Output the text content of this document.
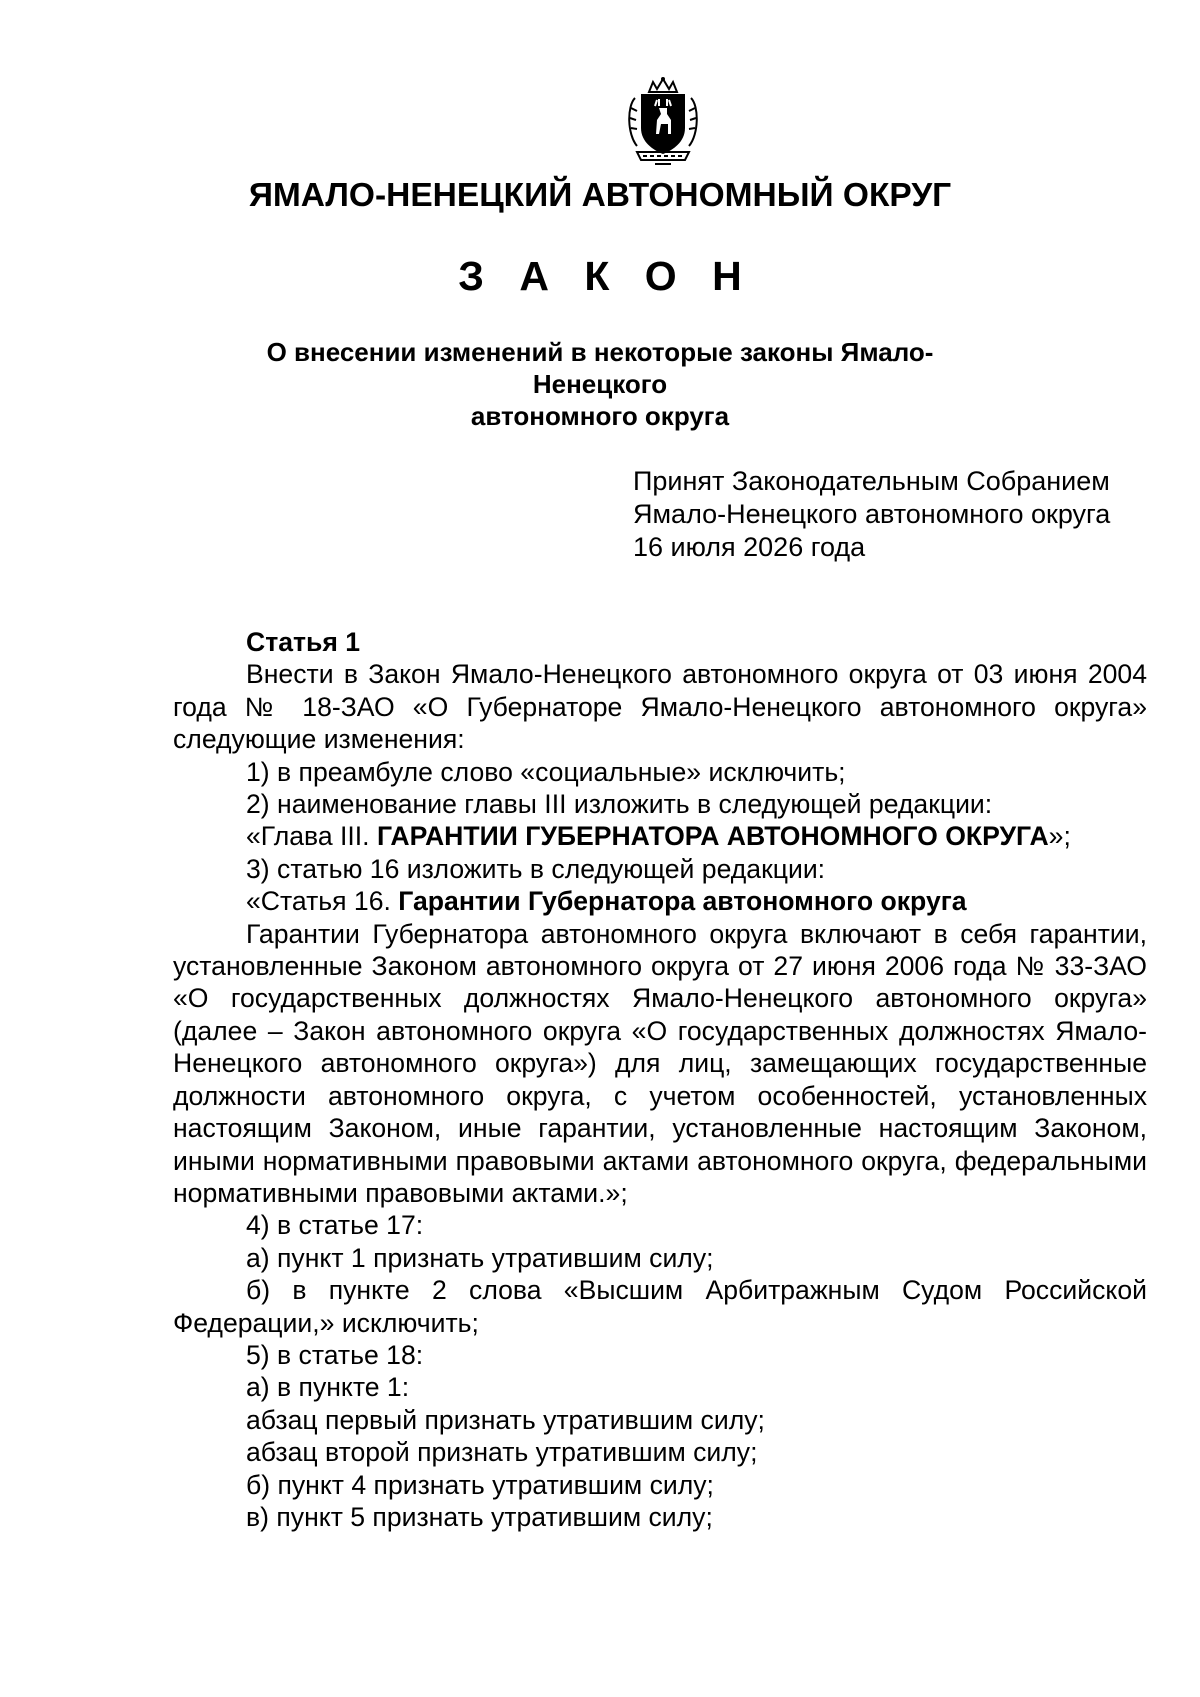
ЯМАЛО-НЕНЕЦКИЙ АВТОНОМНЫЙ ОКРУГ
З А К О Н
О внесении изменений в некоторые законы Ямало-Ненецкого
автономного округа
Принят Законодательным Собранием
Ямало-Ненецкого автономного округа
16 июля 2026 года

Статья 1

Внести в Закон Ямало-Ненецкого автономного округа от 03 июня 2004 года № 18-ЗАО «О Губернаторе Ямало-Ненецкого автономного округа» следующие изменения:

1) в преамбуле слово «социальные» исключить;

2) наименование главы III изложить в следующей редакции:

«Глава III. ГАРАНТИИ ГУБЕРНАТОРА АВТОНОМНОГО ОКРУГА»;

3) статью 16 изложить в следующей редакции:

«Статья 16. Гарантии Губернатора автономного округа

Гарантии Губернатора автономного округа включают в себя гарантии, установленные Законом автономного округа от 27 июня 2006 года № 33-ЗАО «О государственных должностях Ямало-Ненецкого автономного округа» (далее – Закон автономного округа «О государственных должностях Ямало-Ненецкого автономного округа») для лиц, замещающих государственные должности автономного округа, с учетом особенностей, установленных настоящим Законом, иные гарантии, установленные настоящим Законом, иными нормативными правовыми актами автономного округа, федеральными нормативными правовыми актами.»;

4) в статье 17:

а) пункт 1 признать утратившим силу;

б) в пункте 2 слова «Высшим Арбитражным Судом Российской Федерации,» исключить;

5) в статье 18:

а) в пункте 1:

абзац первый признать утратившим силу;

абзац второй признать утратившим силу;

б) пункт 4 признать утратившим силу;

в) пункт 5 признать утратившим силу;
